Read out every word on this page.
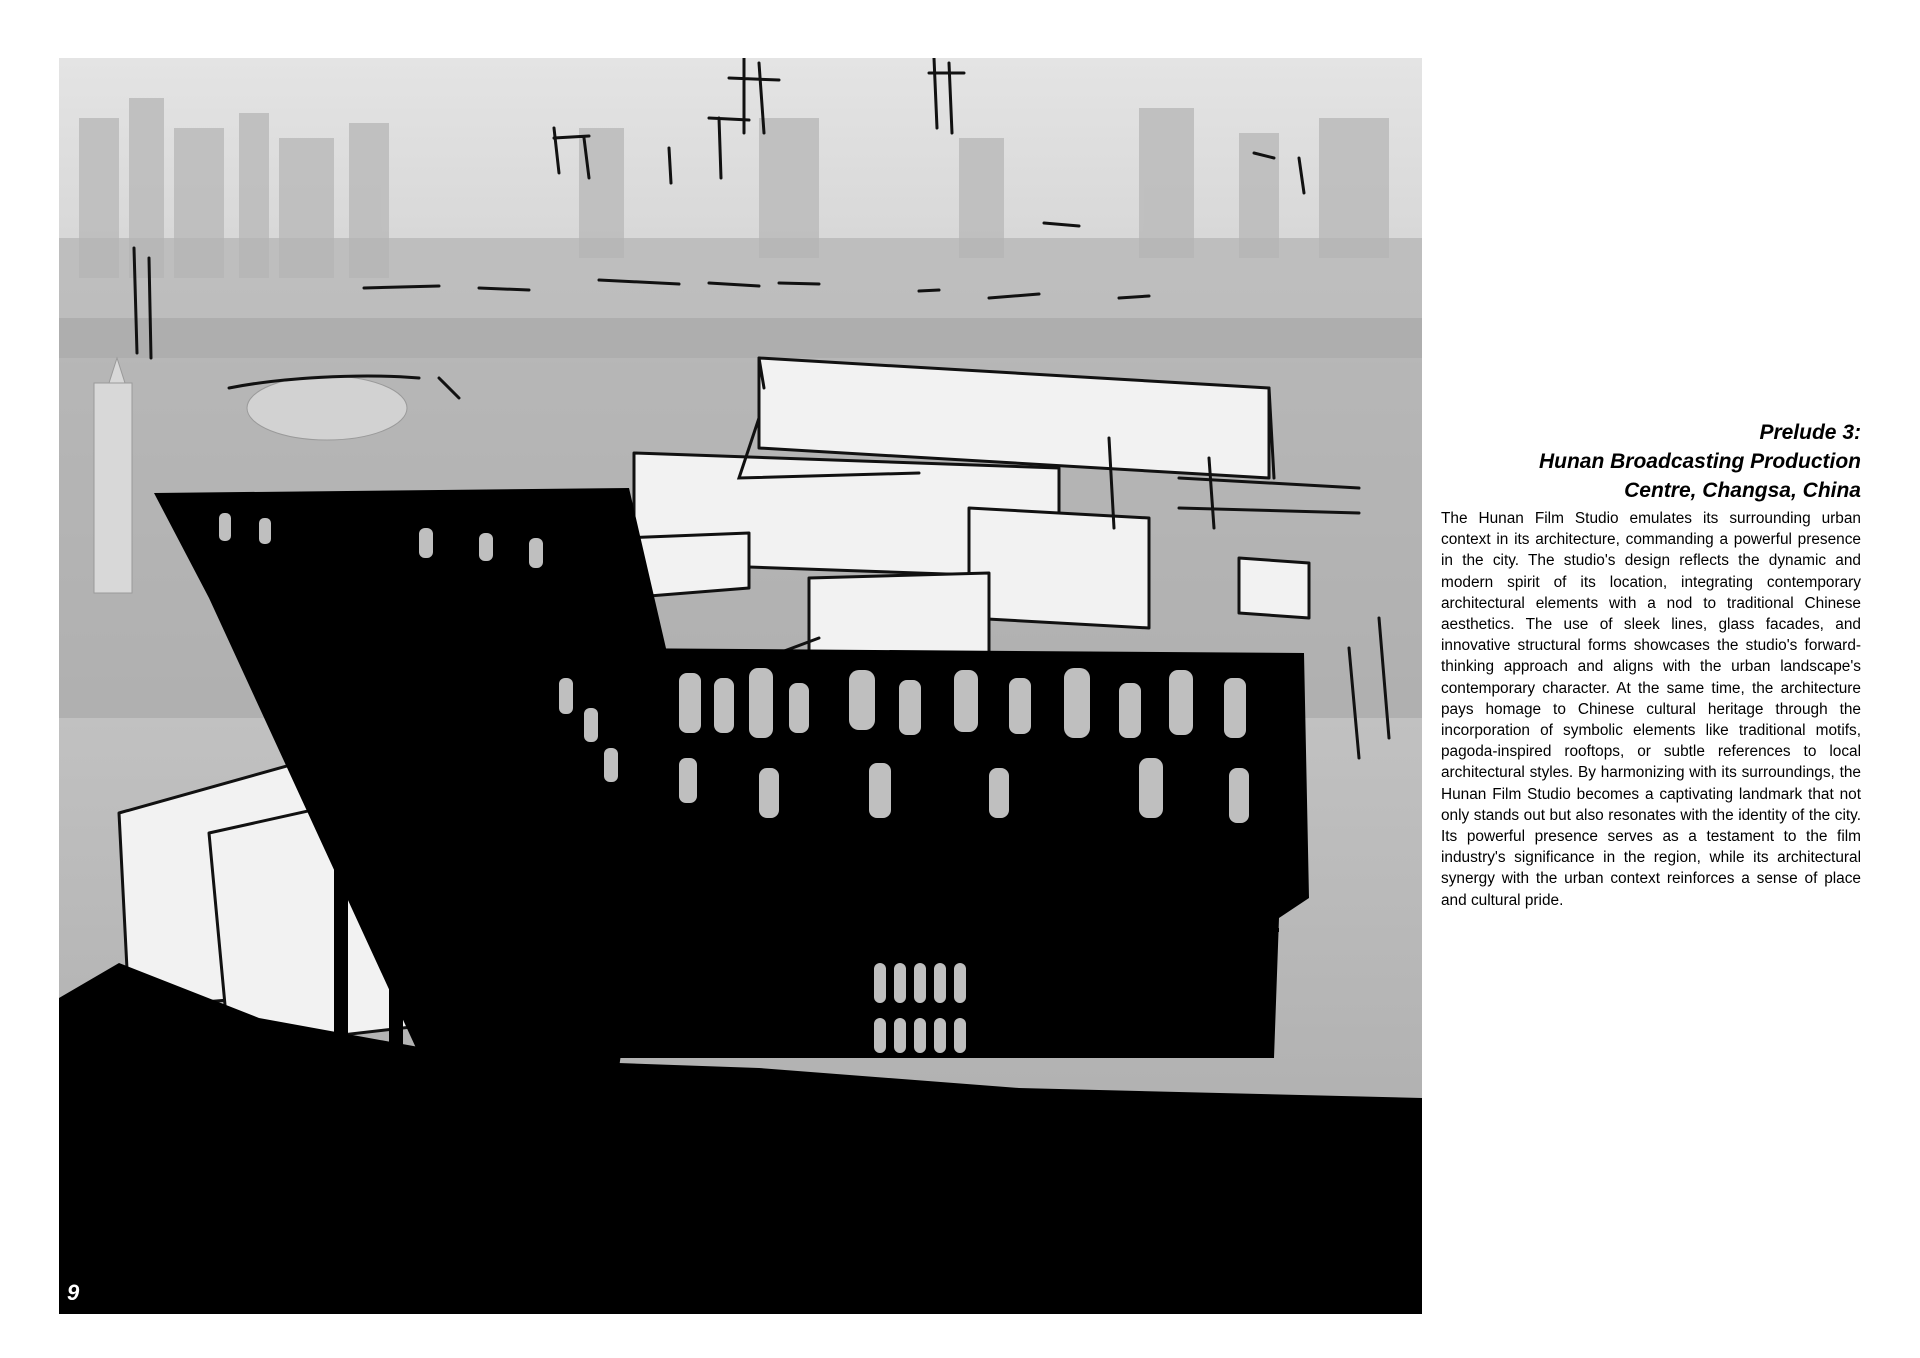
9
Prelude 3:
Hunan Broadcasting Production
Centre, Changsa, China

The Hunan Film Studio emulates its surrounding urban context in its architecture, commanding a powerful presence in the city. The studio's design reflects the dynamic and modern spirit of its location, integrating contemporary architectural elements with a nod to traditional Chinese aesthetics. The use of sleek lines, glass facades, and innovative structural forms showcases the studio's forward-thinking approach and aligns with the urban landscape's contemporary character. At the same time, the architecture pays homage to Chinese cultural heritage through the incorporation of symbolic elements like traditional motifs, pagoda-inspired rooftops, or subtle references to local architectural styles. By harmonizing with its surroundings, the Hunan Film Studio becomes a captivating landmark that not only stands out but also resonates with the identity of the city. Its powerful presence serves as a testament to the film industry's significance in the region, while its architectural synergy with the urban context reinforces a sense of place and cultural pride.
